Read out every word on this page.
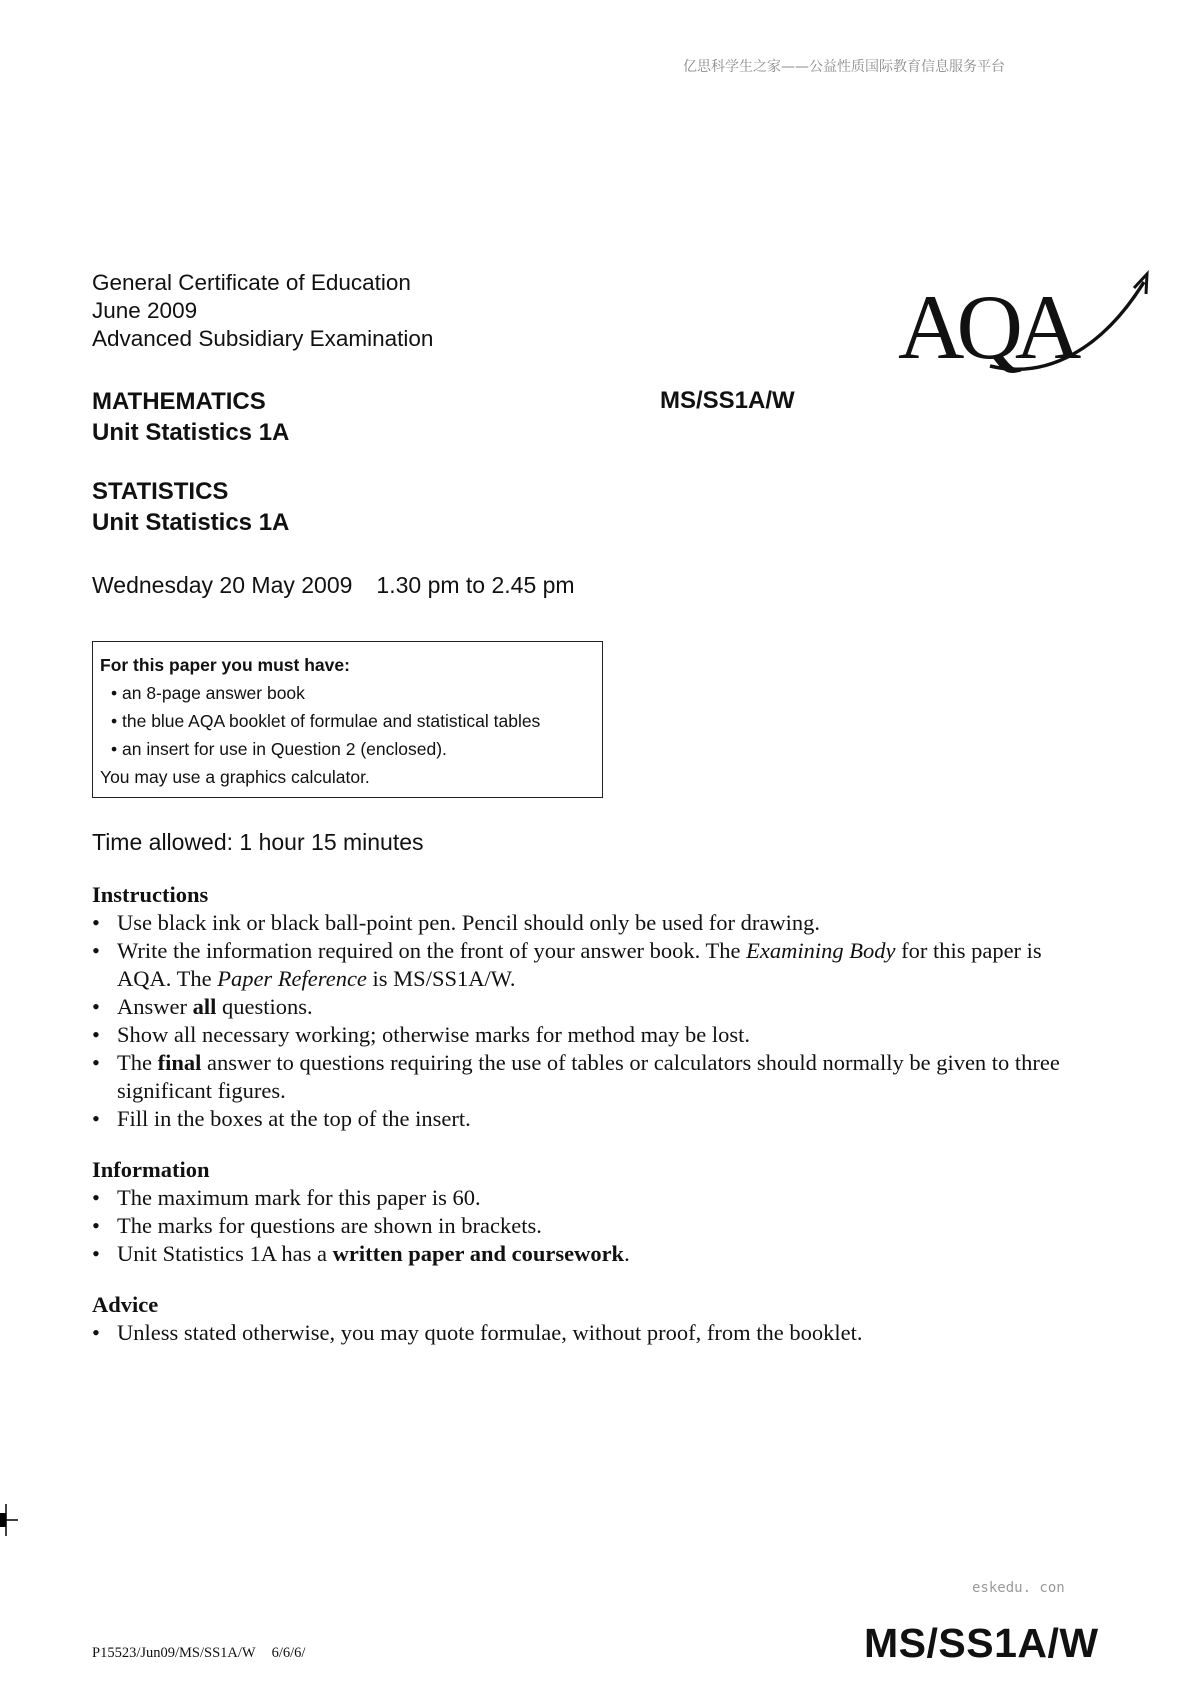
亿思科学生之家——公益性质国际教育信息服务平台
AQA
General Certificate of Education
June 2009
Advanced Subsidiary Examination
MATHEMATICS
Unit Statistics 1A
MS/SS1A/W
STATISTICS
Unit Statistics 1A
Wednesday 20 May 2009 1.30 pm to 2.45 pm
For this paper you must have:
• an 8-page answer book
• the blue AQA booklet of formulae and statistical tables
• an insert for use in Question 2 (enclosed).
You may use a graphics calculator.
Time allowed: 1 hour 15 minutes
Instructions
• Use black ink or black ball-point pen. Pencil should only be used for drawing.
• Write the information required on the front of your answer book. The Examining Body for this paper is AQA. The Paper Reference is MS/SS1A/W.
• Answer all questions.
• Show all necessary working; otherwise marks for method may be lost.
• The final answer to questions requiring the use of tables or calculators should normally be given to three significant figures.
• Fill in the boxes at the top of the insert.
Information
• The maximum mark for this paper is 60.
• The marks for questions are shown in brackets.
• Unit Statistics 1A has a written paper and coursework.
Advice
• Unless stated otherwise, you may quote formulae, without proof, from the booklet.
eskedu. con
P15523/Jun09/MS/SS1A/W 6/6/6/	MS/SS1A/W
